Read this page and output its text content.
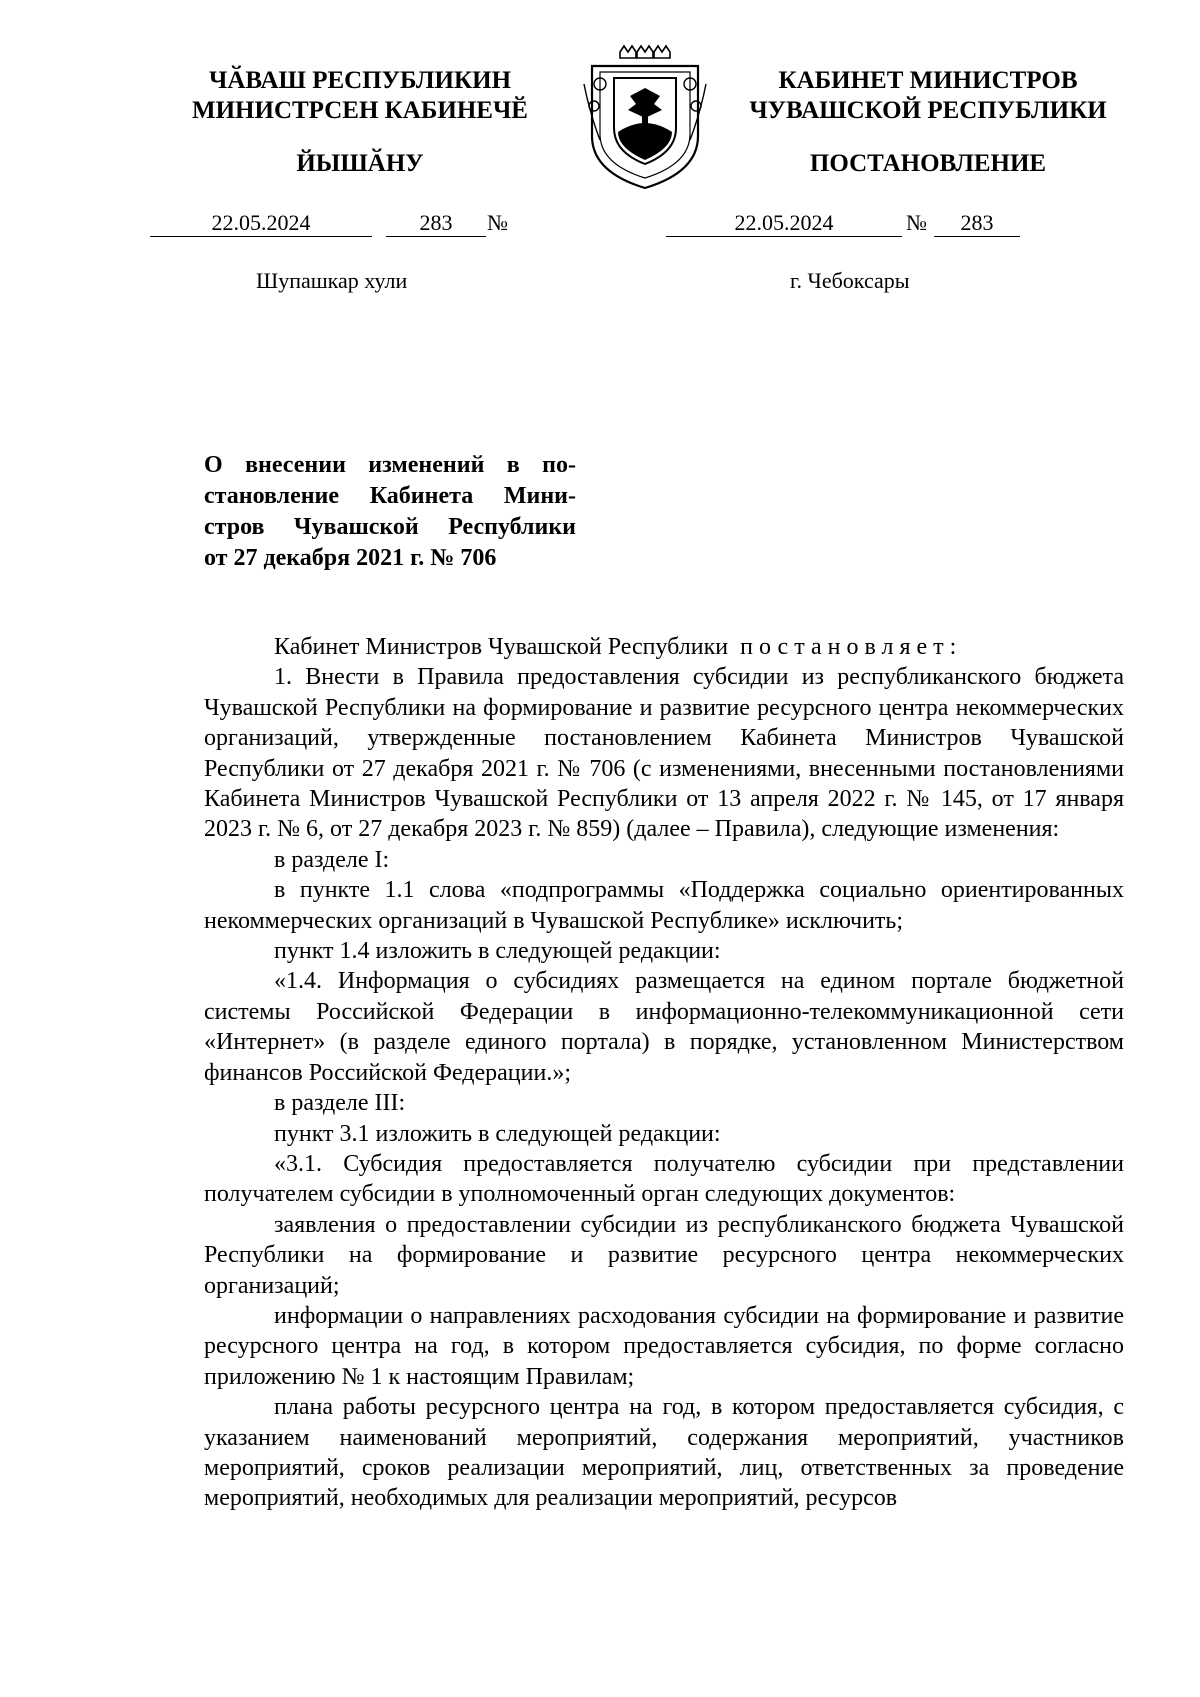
ЧӐВАШ РЕСПУБЛИКИН
МИНИСТРСЕН КАБИНЕЧӖ
ЙЫШӐНУ
КАБИНЕТ МИНИСТРОВ
ЧУВАШСКОЙ РЕСПУБЛИКИ
ПОСТАНОВЛЕНИЕ
22.05.2024	283	№	22.05.2024	№	283
Шупашкар хули	г. Чебоксары
О внесении изменений в по-
становление Кабинета Мини-
стров Чувашской Республики
от 27 декабря 2021 г. № 706

Кабинет Министров Чувашской Республики постановляет:

1. Внести в Правила предоставления субсидии из республиканского бюджета Чувашской Республики на формирование и развитие ресурсного центра некоммерческих организаций, утвержденные постановлением Кабинета Министров Чувашской Республики от 27 декабря 2021 г. № 706 (с изменениями, внесенными постановлениями Кабинета Министров Чувашской Республики от 13 апреля 2022 г. № 145, от 17 января 2023 г. № 6, от 27 декабря 2023 г. № 859) (далее – Правила), следующие изменения:

в разделе I:

в пункте 1.1 слова «подпрограммы «Поддержка социально ориентированных некоммерческих организаций в Чувашской Республике» исключить;

пункт 1.4 изложить в следующей редакции:

«1.4. Информация о субсидиях размещается на едином портале бюджетной системы Российской Федерации в информационно-телекоммуникационной сети «Интернет» (в разделе единого портала) в порядке, установленном Министерством финансов Российской Федерации.»;

в разделе III:

пункт 3.1 изложить в следующей редакции:

«3.1. Субсидия предоставляется получателю субсидии при представлении получателем субсидии в уполномоченный орган следующих документов:

заявления о предоставлении субсидии из республиканского бюджета Чувашской Республики на формирование и развитие ресурсного центра некоммерческих организаций;

информации о направлениях расходования субсидии на формирование и развитие ресурсного центра на год, в котором предоставляется субсидия, по форме согласно приложению № 1 к настоящим Правилам;

плана работы ресурсного центра на год, в котором предоставляется субсидия, с указанием наименований мероприятий, содержания мероприятий, участников мероприятий, сроков реализации мероприятий, лиц, ответственных за проведение мероприятий, необходимых для реализации мероприятий, ресурсов
